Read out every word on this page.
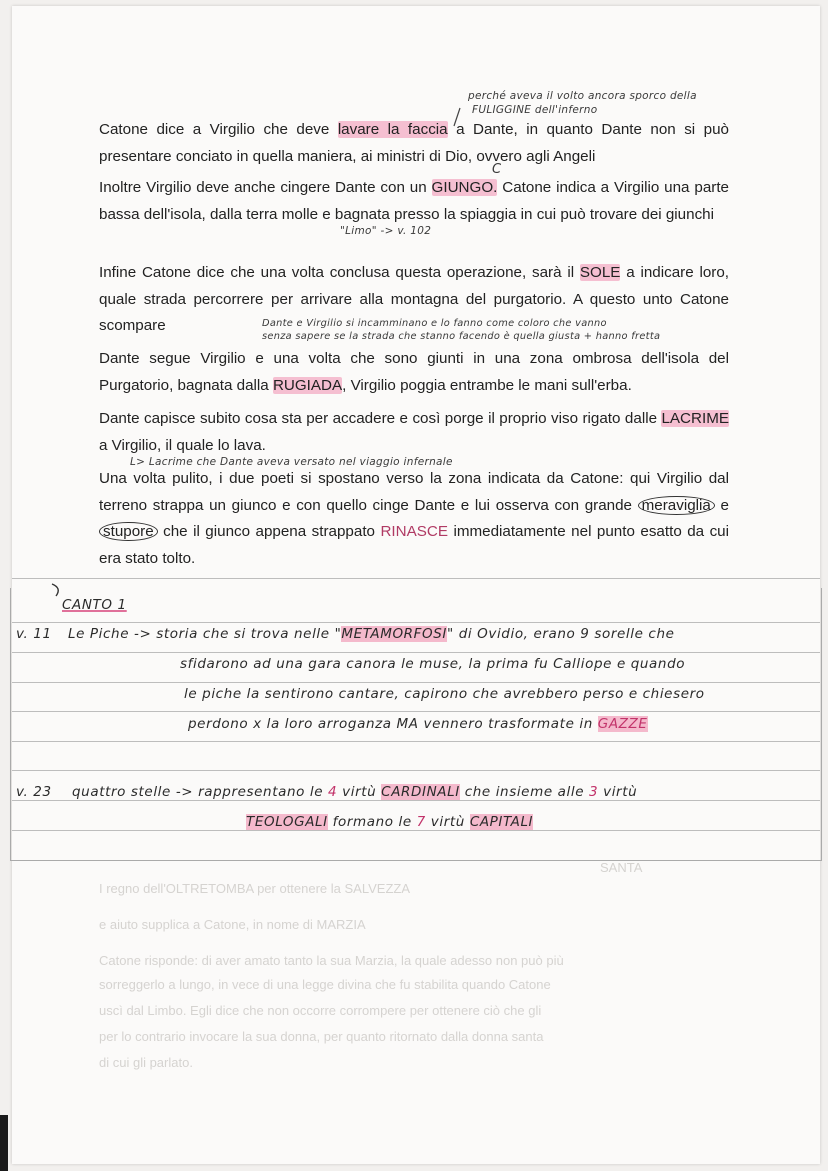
SANTA
I regno dell'OLTRETOMBA per ottenere la SALVEZZA
e aiuto supplica a Catone, in nome di MARZIA
Catone risponde: di aver amato tanto la sua Marzia, la quale adesso non può più
sorreggerlo a lungo, in vece di una legge divina che fu stabilita quando Catone
uscì dal Limbo. Egli dice che non occorre corrompere per ottenere ciò che gli
per lo contrario invocare la sua donna, per quanto ritornato dalla donna santa
di cui gli parlato.
perché aveva il volto ancora sporco della
FULIGGINE dell'inferno
Catone dice a Virgilio che deve lavare la faccia a Dante, in quanto Dante non si può presentare conciato in quella maniera, ai ministri di Dio, ovvero agli Angeli
C
Inoltre Virgilio deve anche cingere Dante con un GIUNGO. Catone indica a Virgilio una parte bassa dell'isola, dalla terra molle e bagnata presso la spiaggia in cui può trovare dei giunchi
"Limo" -> v. 102
Infine Catone dice che una volta conclusa questa operazione, sarà il SOLE a indicare loro, quale strada percorrere per arrivare alla montagna del purgatorio. A questo unto Catone scompare	Dante e Virgilio si incamminano e lo fanno come coloro che vanno
senza sapere se la strada che stanno facendo è quella giusta + hanno fretta
Dante segue Virgilio e una volta che sono giunti in una zona ombrosa dell'isola del Purgatorio, bagnata dalla RUGIADA, Virgilio poggia entrambe le mani sull'erba.
Dante capisce subito cosa sta per accadere e così porge il proprio viso rigato dalle LACRIME a Virgilio, il quale lo lava.
L> Lacrime che Dante aveva versato nel viaggio infernale
Una volta pulito, i due poeti si spostano verso la zona indicata da Catone: qui Virgilio dal terreno strappa un giunco e con quello cinge Dante e lui osserva con grande meraviglia e stupore che il giunco appena strappato RINASCE immediatamente nel punto esatto da cui era stato tolto.
CANTO 1
v. 11 Le Piche -> storia che si trova nelle "METAMORFOSI" di Ovidio, erano 9 sorelle che
sfidarono ad una gara canora le muse, la prima fu Calliope e quando
le piche la sentirono cantare, capirono che avrebbero perso e chiesero
perdono x la loro arroganza MA vennero trasformate in GAZZE
v. 23 quattro stelle -> rappresentano le 4 virtù CARDINALI che insieme alle 3 virtù
TEOLOGALI formano le 7 virtù CAPITALI
